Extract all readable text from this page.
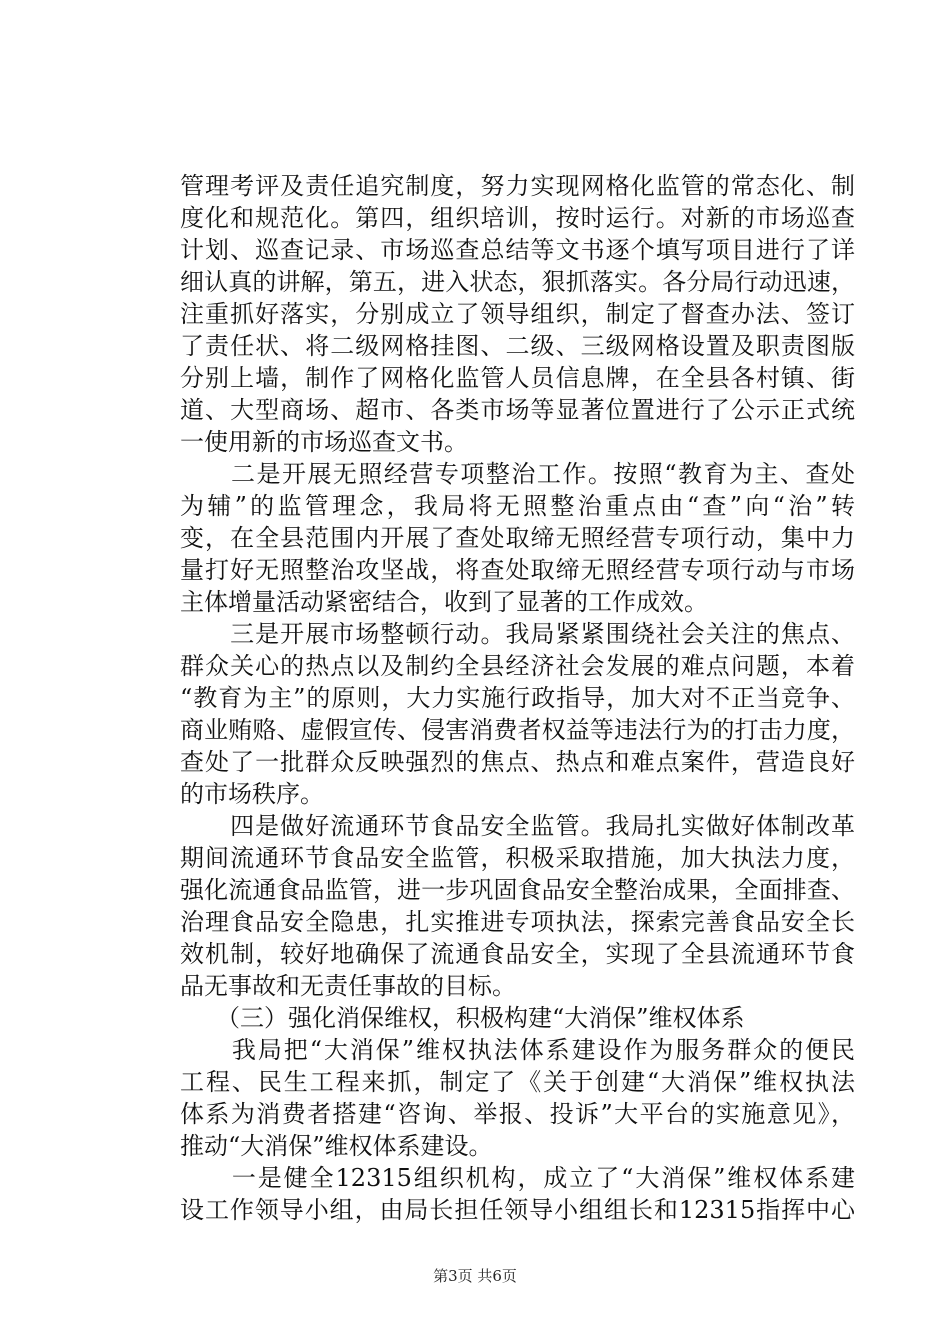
管理考评及责任追究制度，努力实现网格化监管的常态化、制
度化和规范化。第四，组织培训，按时运行。对新的市场巡查
计划、巡查记录、市场巡查总结等文书逐个填写项目进行了详
细认真的讲解，第五，进入状态，狠抓落实。各分局行动迅速，
注重抓好落实，分别成立了领导组织，制定了督查办法、签订
了责任状、将二级网格挂图、二级、三级网格设置及职责图版
分别上墙，制作了网格化监管人员信息牌，在全县各村镇、街
道、大型商场、超市、各类市场等显著位置进行了公示正式统
一使用新的市场巡查文书。
　　二是开展无照经营专项整治工作。按照“教育为主、查处
为辅”的监管理念，我局将无照整治重点由“查”向“治”转
变，在全县范围内开展了查处取缔无照经营专项行动，集中力
量打好无照整治攻坚战，将查处取缔无照经营专项行动与市场
主体增量活动紧密结合，收到了显著的工作成效。
　　三是开展市场整顿行动。我局紧紧围绕社会关注的焦点、
群众关心的热点以及制约全县经济社会发展的难点问题，本着
“教育为主”的原则，大力实施行政指导，加大对不正当竞争、
商业贿赂、虚假宣传、侵害消费者权益等违法行为的打击力度，
查处了一批群众反映强烈的焦点、热点和难点案件，营造良好
的市场秩序。
　　四是做好流通环节食品安全监管。我局扎实做好体制改革
期间流通环节食品安全监管，积极采取措施，加大执法力度，
强化流通食品监管，进一步巩固食品安全整治成果，全面排查、
治理食品安全隐患，扎实推进专项执法，探索完善食品安全长
效机制，较好地确保了流通食品安全，实现了全县流通环节食
品无事故和无责任事故的目标。
　　（三）强化消保维权，积极构建“大消保”维权体系
　　我局把“大消保”维权执法体系建设作为服务群众的便民
工程、民生工程来抓，制定了《关于创建“大消保”维权执法
体系为消费者搭建“咨询、举报、投诉”大平台的实施意见》，
推动“大消保”维权体系建设。
　　一是健全12315组织机构，成立了“大消保”维权体系建
设工作领导小组，由局长担任领导小组组长和12315指挥中心
第3页 共6页
